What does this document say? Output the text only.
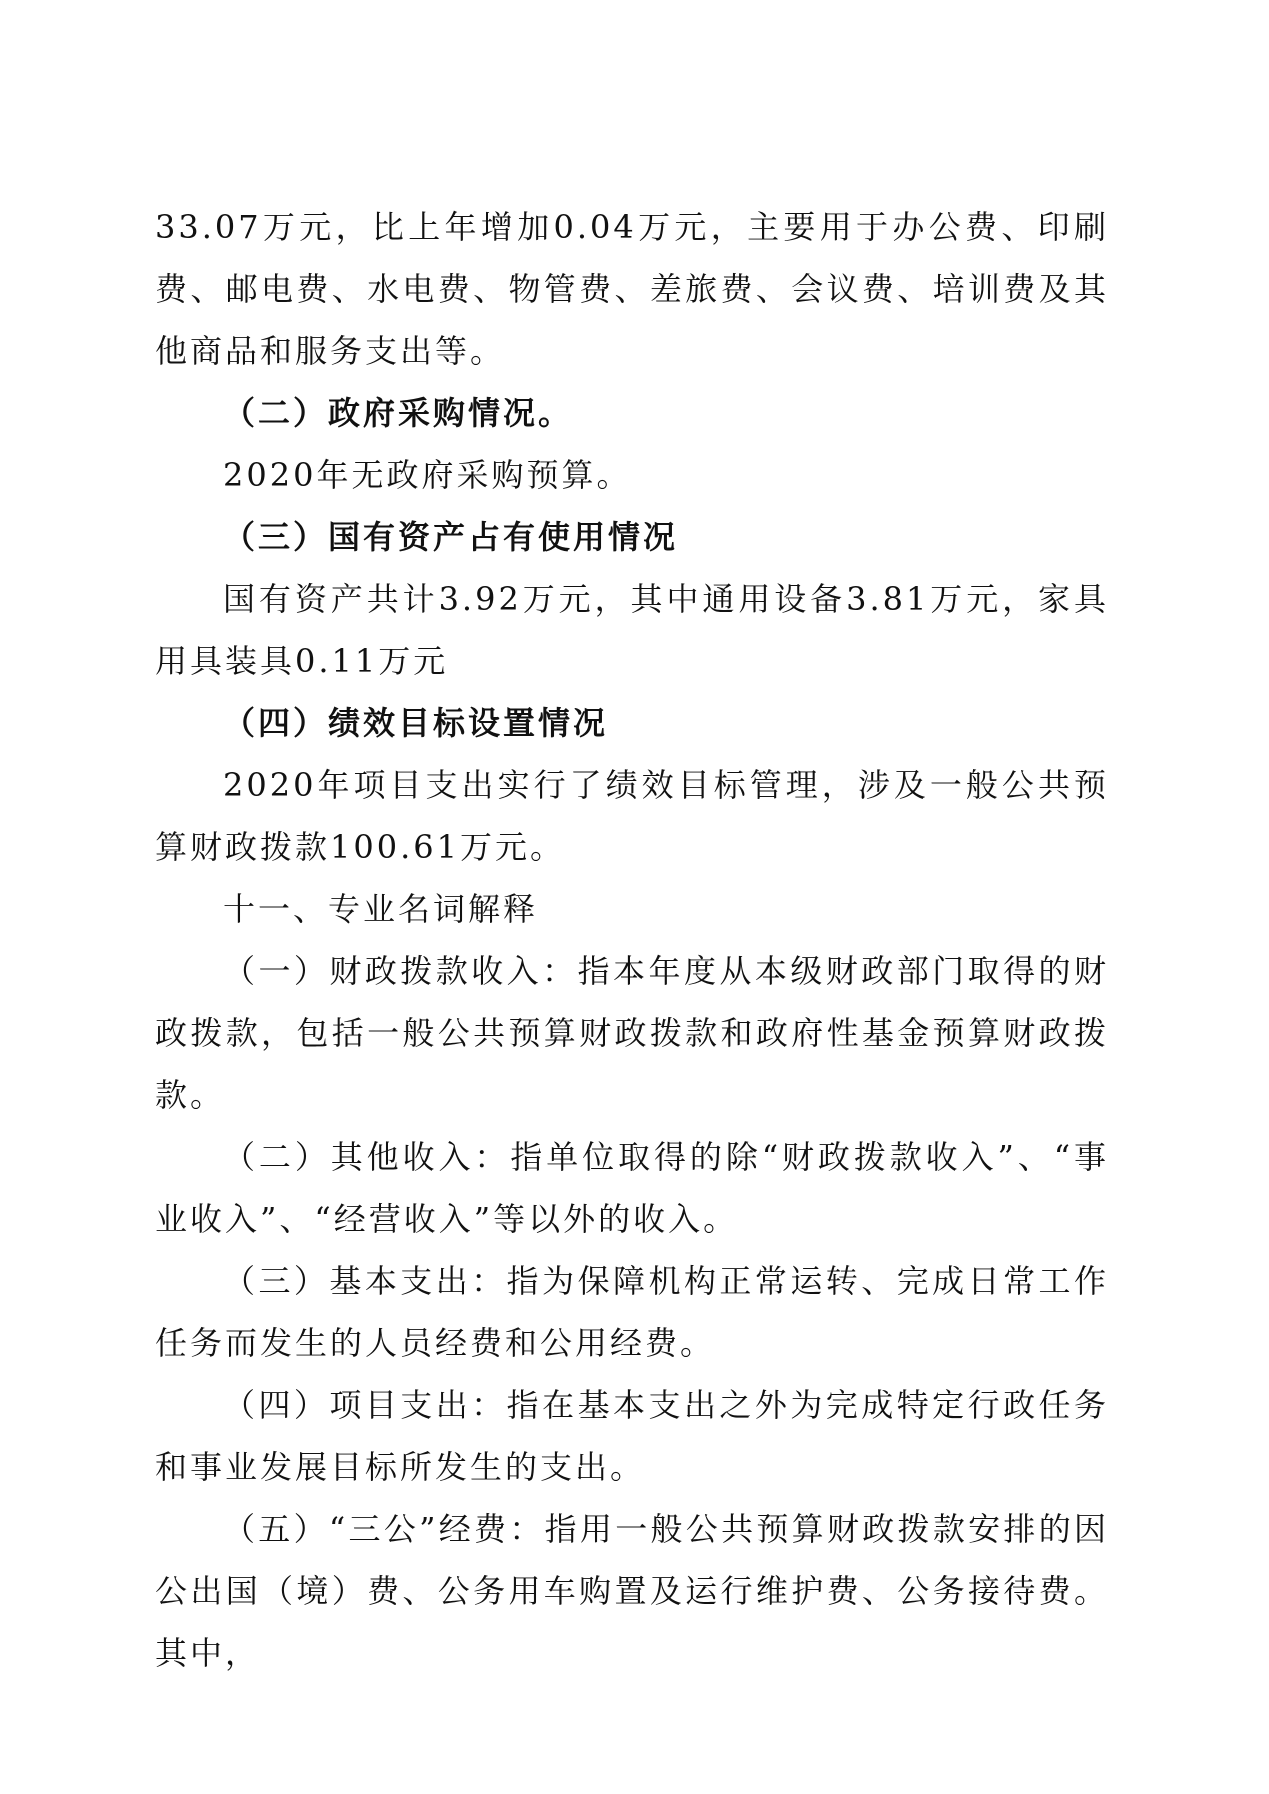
33.07万元，比上年增加0.04万元，主要用于办公费、印刷费、邮电费、水电费、物管费、差旅费、会议费、培训费及其他商品和服务支出等。

（二）政府采购情况。

2020年无政府采购预算。

（三）国有资产占有使用情况

国有资产共计3.92万元，其中通用设备3.81万元，家具用具装具0.11万元

（四）绩效目标设置情况

2020年项目支出实行了绩效目标管理，涉及一般公共预算财政拨款100.61万元。

十一、专业名词解释

（一）财政拨款收入：指本年度从本级财政部门取得的财政拨款，包括一般公共预算财政拨款和政府性基金预算财政拨款。

（二）其他收入：指单位取得的除“财政拨款收入”、“事业收入”、“经营收入”等以外的收入。

（三）基本支出：指为保障机构正常运转、完成日常工作任务而发生的人员经费和公用经费。

（四）项目支出：指在基本支出之外为完成特定行政任务和事业发展目标所发生的支出。

（五）“三公”经费：指用一般公共预算财政拨款安排的因公出国（境）费、公务用车购置及运行维护费、公务接待费。其中，
